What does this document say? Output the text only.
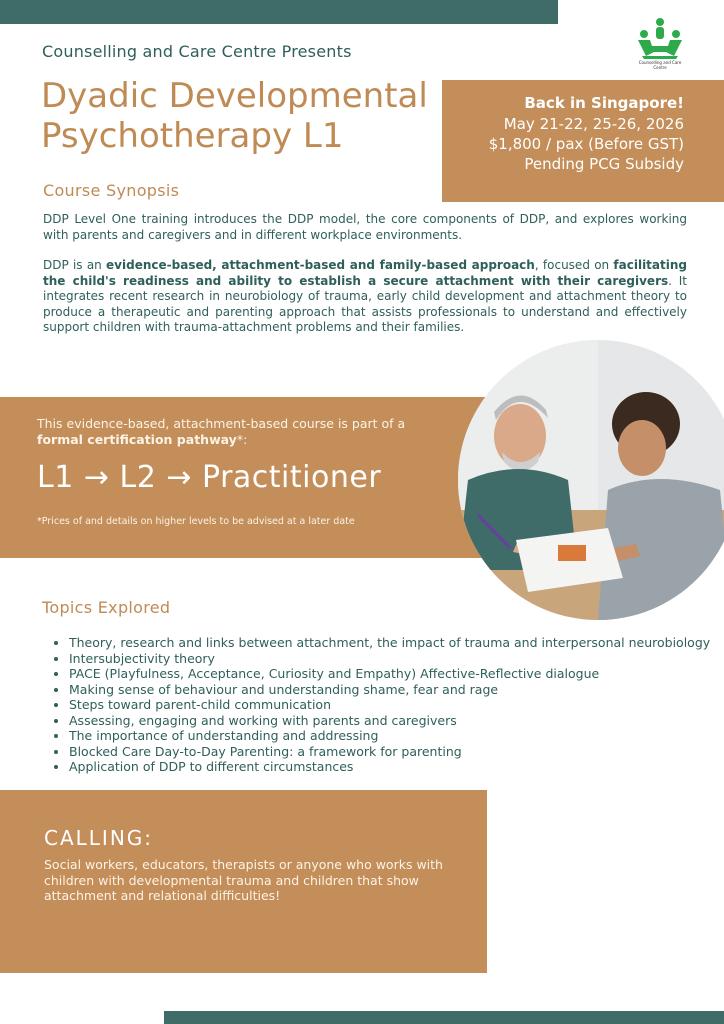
Counselling and Care Centre Presents
Dyadic Developmental
Psychotherapy L1
Counselling and Care Centre
Back in Singapore!
May 21-22, 25-26, 2026
$1,800 / pax (Before GST)
Pending PCG Subsidy
Course Synopsis

DDP Level One training introduces the DDP model, the core components of DDP, and explores working with parents and caregivers and in different workplace environments.

DDP is an evidence-based, attachment-based and family-based approach, focused on facilitating the child's readiness and ability to establish a secure attachment with their caregivers. It integrates recent research in neurobiology of trauma, early child development and attachment theory to produce a therapeutic and parenting approach that assists professionals to understand and effectively support children with trauma-attachment problems and their families.

This evidence-based, attachment-based course is part of a formal certification pathway*:
L1 → L2 → Practitioner
*Prices of and details on higher levels to be advised at a later date
Topics Explored
• Theory, research and links between attachment, the impact of trauma and interpersonal neurobiology
• Intersubjectivity theory
• PACE (Playfulness, Acceptance, Curiosity and Empathy) Affective-Reflective dialogue
• Making sense of behaviour and understanding shame, fear and rage
• Steps toward parent-child communication
• Assessing, engaging and working with parents and caregivers
• The importance of understanding and addressing
• Blocked Care Day-to-Day Parenting: a framework for parenting
• Application of DDP to different circumstances
CALLING:
Social workers, educators, therapists or anyone who works with children with developmental trauma and children that show attachment and relational difficulties!
